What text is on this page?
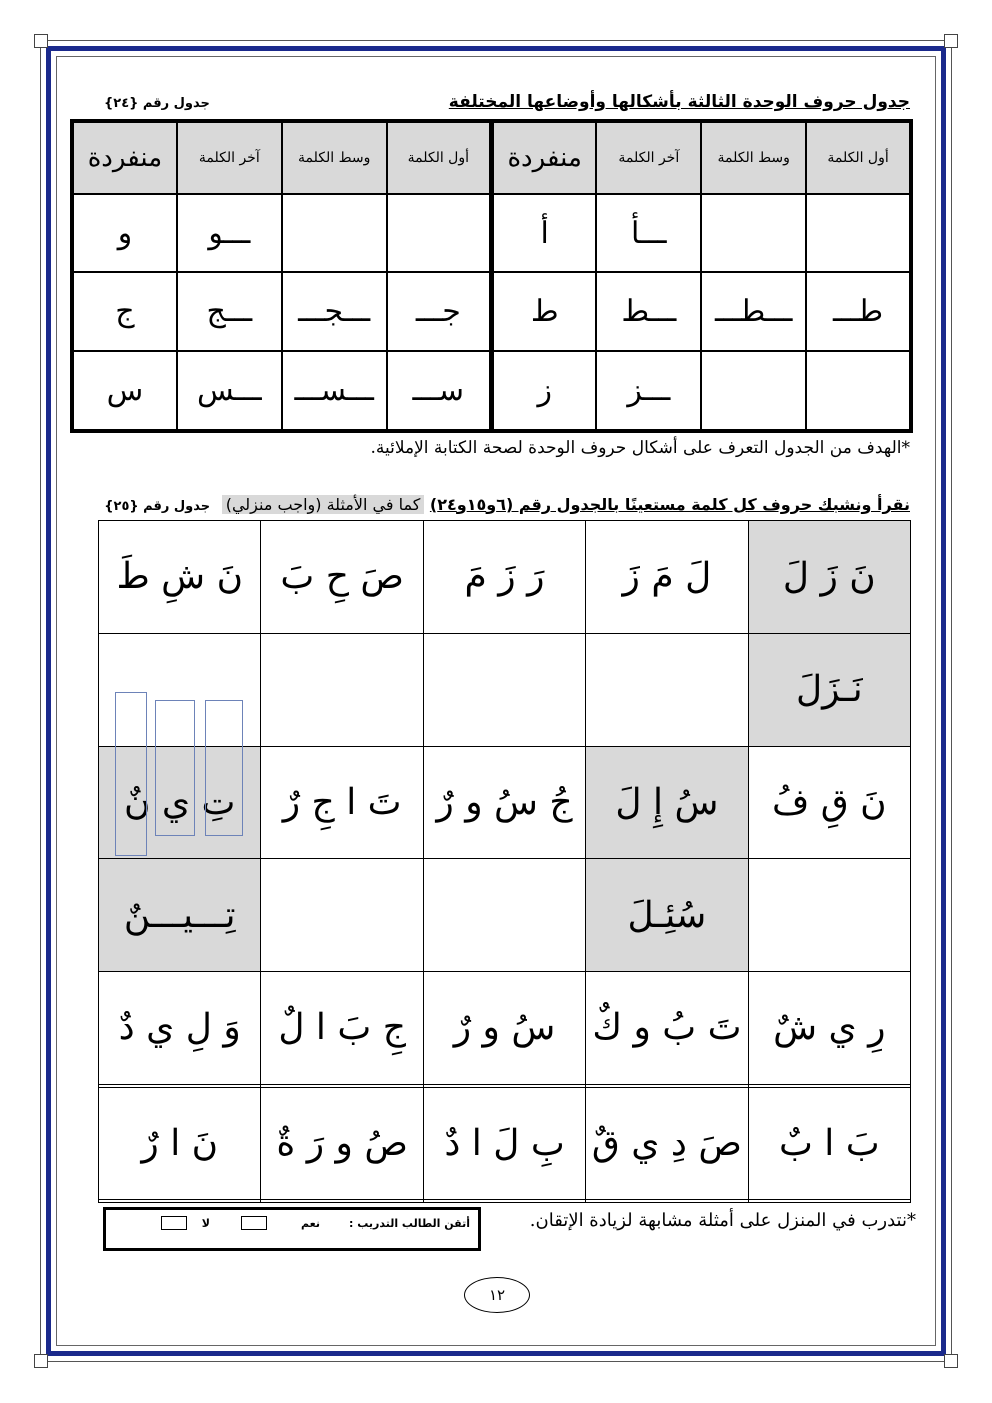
جدول حروف الوحدة الثالثة بأشكالها وأوضاعها المختلفة
جدول رقم {٢٤}
أول الكلمة	وسط الكلمة	آخر الكلمة	منفردة	أول الكلمة	وسط الكلمة	آخر الكلمة	منفردة
		ـــأ	أ			ـــو	و
طـــ	ـــطـــ	ـــط	ط	جـــ	ـــجـــ	ـــج	ج
		ـــز	ز	ســـ	ـــســـ	ـــس	س
*الهدف من الجدول التعرف على أشكال حروف الوحدة لصحة الكتابة الإملائية.
نقرأ ونشبك حروف كل كلمة مستعينًا بالجدول رقم (٦و١٥و٢٤) كما في الأمثلة (واجب منزلي) جدول رقم {٢٥}
نَ زَ لَ	لَ مَ زَ	رَ زَ مَ	صَ حِ بَ	نَ شِ طَ
نَـزَلَ				
نَ قِ فُ	سُ إِ لَ	جُ سُ و رٌ	تَ ا جِ رٌ	تِ ي نٌ
	سُئِـلَ			تِـــيـــنٌ
رِ ي شٌ	تَ بُ و كٌ	سُ و رٌ	جِ بَ ا لٌ	وَ لِ ي دٌ

بَ ا بٌ	صَ دِ ي قٌ	بِ لَ ا دٌ	صُ و رَ ةٌ	نَ ا رٌ

*نتدرب في المنزل على أمثلة مشابهة لزيادة الإتقان.
أتقن الطالب التدريب :
نعم
لا
١٢
